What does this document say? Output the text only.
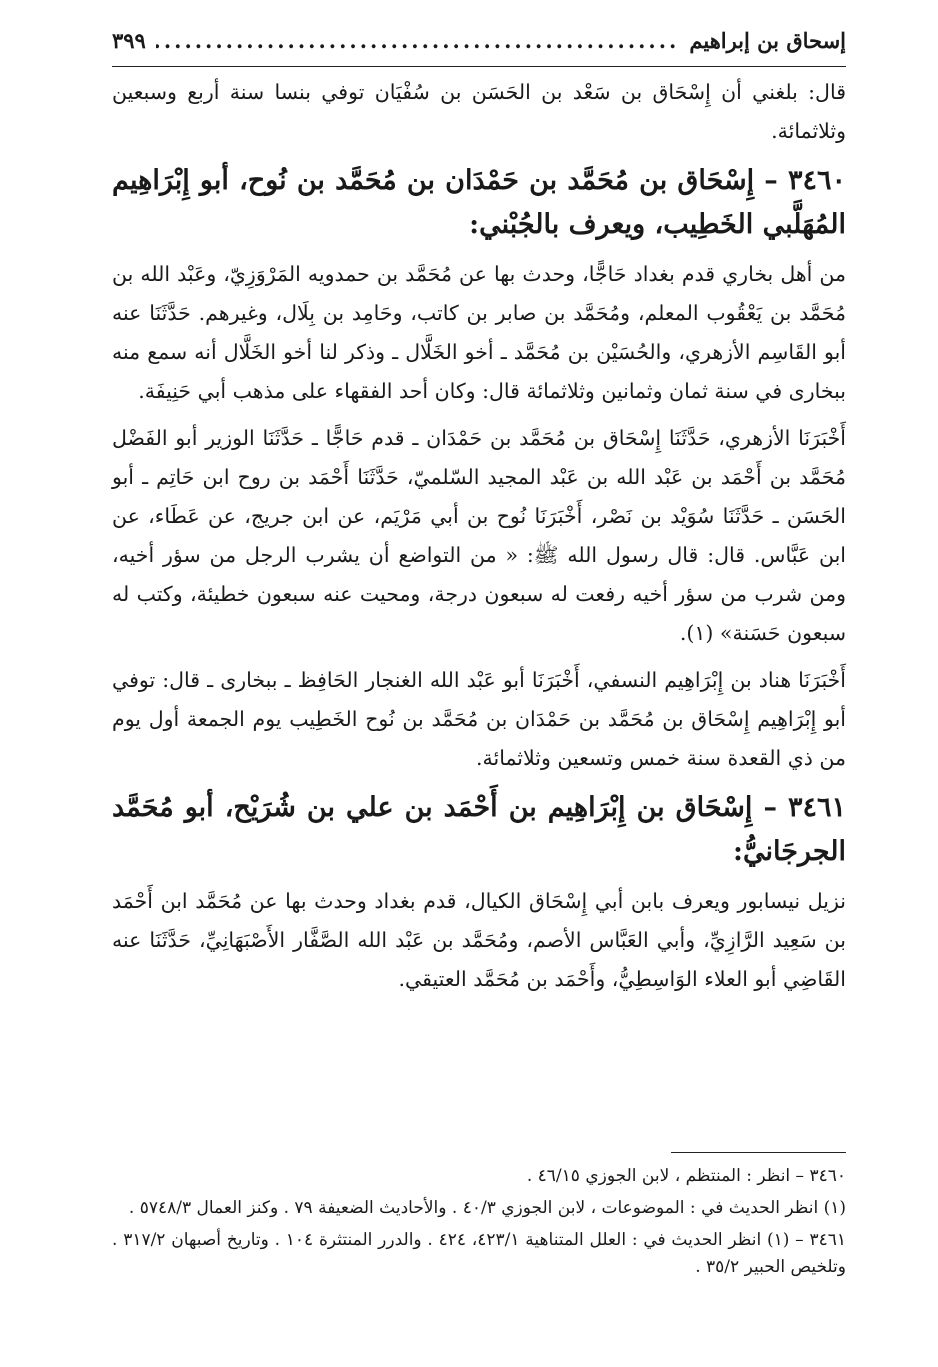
إسحاق بن إبراهيم
.....
٣٩٩

قال: بلغني أن إِسْحَاق بن سَعْد بن الحَسَن بن سُفْيَان توفي بنسا سنة أربع وسبعين وثلاثمائة.

٣٤٦٠ – إِسْحَاق بن مُحَمَّد بن حَمْدَان بن مُحَمَّد بن نُوح، أبو إِبْرَاهِيم المُهَلَّبي الخَطِيب، ويعرف بالجُبْني:

من أهل بخاري قدم بغداد حَاجًّا، وحدث بها عن مُحَمَّد بن حمدويه المَرْوَزِيّ، وعَبْد الله بن مُحَمَّد بن يَعْقُوب المعلم، ومُحَمَّد بن صابر بن كاتب، وحَامِد بن بِلَال، وغيرهم. حَدَّثَنَا عنه أبو القَاسِم الأزهري، والحُسَيْن بن مُحَمَّد ـ أخو الخَلَّال ـ وذكر لنا أخو الخَلَّال أنه سمع منه ببخارى في سنة ثمان وثمانين وثلاثمائة قال: وكان أحد الفقهاء على مذهب أبي حَنِيفَة.

أَخْبَرَنَا الأزهري، حَدَّثَنَا إِسْحَاق بن مُحَمَّد بن حَمْدَان ـ قدم حَاجًّا ـ حَدَّثَنَا الوزير أبو الفَضْل مُحَمَّد بن أَحْمَد بن عَبْد الله بن عَبْد المجيد السّلميّ، حَدَّثَنَا أَحْمَد بن روح ابن حَاتِم ـ أبو الحَسَن ـ حَدَّثَنَا سُوَيْد بن نَصْر، أَخْبَرَنَا نُوح بن أبي مَرْيَم، عن ابن جريج، عن عَطَاء، عن ابن عَبَّاس. قال: قال رسول الله ﷺ: « من التواضع أن يشرب الرجل من سؤر أخيه، ومن شرب من سؤر أخيه رفعت له سبعون درجة، ومحيت عنه سبعون خطيئة، وكتب له سبعون حَسَنة» (١).

أَخْبَرَنَا هناد بن إِبْرَاهِيم النسفي، أَخْبَرَنَا أبو عَبْد الله الغنجار الحَافِظ ـ ببخارى ـ قال: توفي أبو إِبْرَاهِيم إِسْحَاق بن مُحَمَّد بن حَمْدَان بن مُحَمَّد بن نُوح الخَطِيب يوم الجمعة أول يوم من ذي القعدة سنة خمس وتسعين وثلاثمائة.

٣٤٦١ – إِسْحَاق بن إِبْرَاهِيم بن أَحْمَد بن علي بن شُرَيْح، أبو مُحَمَّد الجرجَانيُّ:

نزيل نيسابور ويعرف بابن أبي إِسْحَاق الكيال، قدم بغداد وحدث بها عن مُحَمَّد ابن أَحْمَد بن سَعِيد الرَّازِيِّ، وأبي العَبَّاس الأصم، ومُحَمَّد بن عَبْد الله الصَّفَّار الأَصْبَهَانِيِّ، حَدَّثَنَا عنه القَاضِي أبو العلاء الوَاسِطِيُّ، وأَحْمَد بن مُحَمَّد العتيقي.

٣٤٦٠ – انظر : المنتظم ، لابن الجوزي ٤٦/١٥ .

(١) انظر الحديث في : الموضوعات ، لابن الجوزي ٤٠/٣ . والأحاديث الضعيفة ٧٩ . وكنز العمال ٥٧٤٨/٣ .

٣٤٦١ – (١) انظر الحديث في : العلل المتناهية ٤٢٣/١، ٤٢٤ . والدرر المنتثرة ١٠٤ . وتاريخ أصبهان ٣١٧/٢ . وتلخيص الحبير ٣٥/٢ .
